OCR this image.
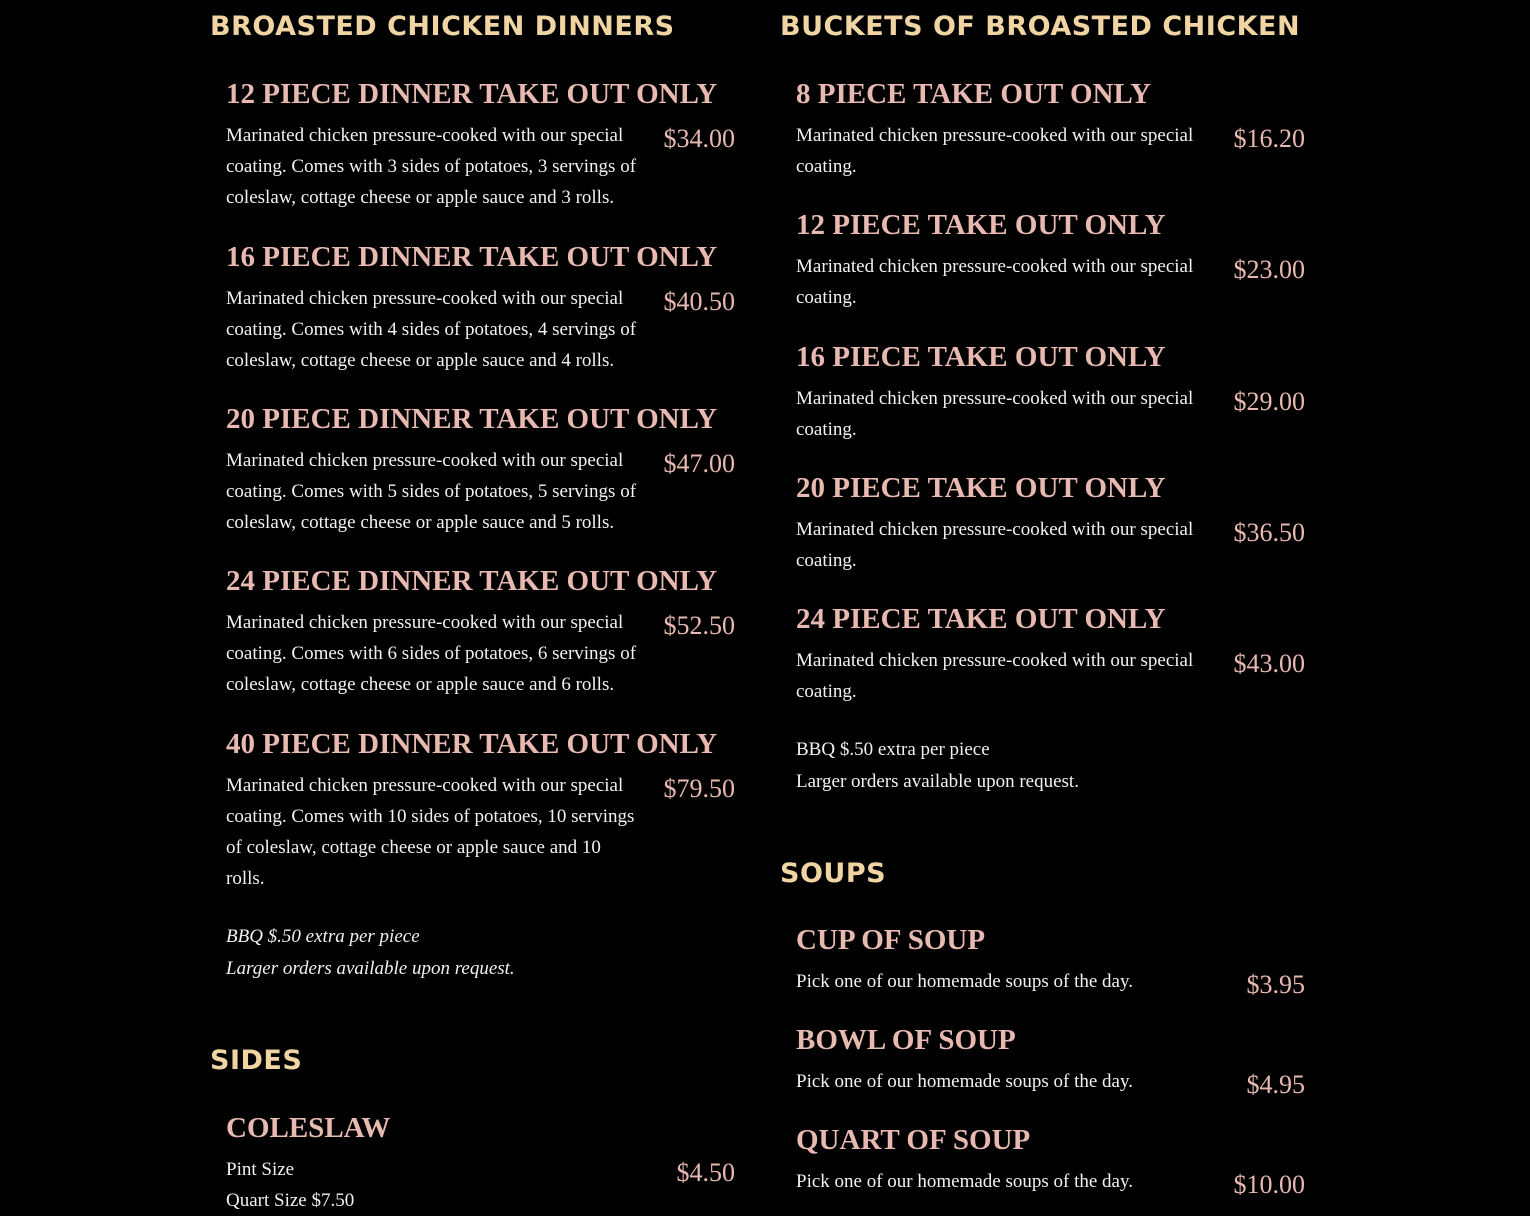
BROASTED CHICKEN DINNERS
12 PIECE DINNER TAKE OUT ONLY

Marinated chicken pressure-cooked with our special coating. Comes with 3 sides of potatoes, 3 servings of coleslaw, cottage cheese or apple sauce and 3 rolls.

$34.00
16 PIECE DINNER TAKE OUT ONLY

Marinated chicken pressure-cooked with our special coating. Comes with 4 sides of potatoes, 4 servings of coleslaw, cottage cheese or apple sauce and 4 rolls.

$40.50
20 PIECE DINNER TAKE OUT ONLY

Marinated chicken pressure-cooked with our special coating. Comes with 5 sides of potatoes, 5 servings of coleslaw, cottage cheese or apple sauce and 5 rolls.

$47.00
24 PIECE DINNER TAKE OUT ONLY

Marinated chicken pressure-cooked with our special coating. Comes with 6 sides of potatoes, 6 servings of coleslaw, cottage cheese or apple sauce and 6 rolls.

$52.50
40 PIECE DINNER TAKE OUT ONLY

Marinated chicken pressure-cooked with our special coating. Comes with 10 sides of potatoes, 10 servings of coleslaw, cottage cheese or apple sauce and 10 rolls.

$79.50
BBQ $.50 extra per piece
Larger orders available upon request.
SIDES
COLESLAW
Pint Size
Quart Size $7.50
$4.50
BUCKETS OF BROASTED CHICKEN
8 PIECE TAKE OUT ONLY

Marinated chicken pressure-cooked with our special coating.

$16.20
12 PIECE TAKE OUT ONLY

Marinated chicken pressure-cooked with our special coating.

$23.00
16 PIECE TAKE OUT ONLY

Marinated chicken pressure-cooked with our special coating.

$29.00
20 PIECE TAKE OUT ONLY

Marinated chicken pressure-cooked with our special coating.

$36.50
24 PIECE TAKE OUT ONLY

Marinated chicken pressure-cooked with our special coating.

$43.00
BBQ $.50 extra per piece
Larger orders available upon request.
SOUPS
CUP OF SOUP

Pick one of our homemade soups of the day.	$3.95
BOWL OF SOUP

Pick one of our homemade soups of the day.	$4.95
QUART OF SOUP

Pick one of our homemade soups of the day.	$10.00
